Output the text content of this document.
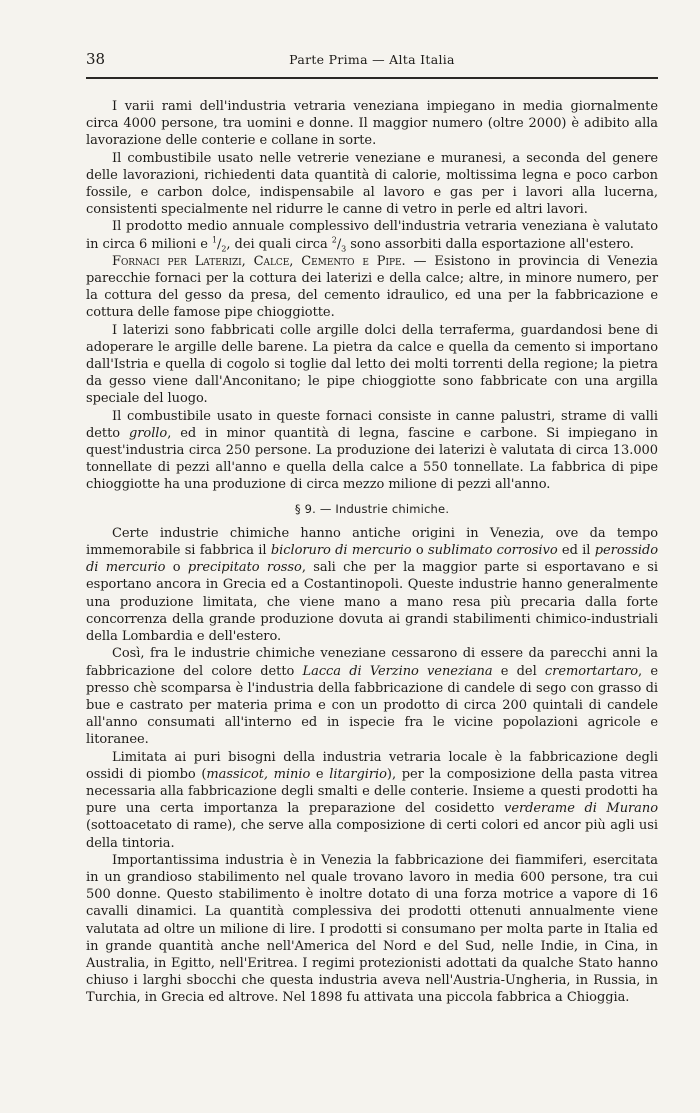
38	Parte Prima — Alta Italia

I varii rami dell'industria vetraria veneziana impiegano in media giornalmente circa 4000 persone, tra uomini e donne. Il maggior numero (oltre 2000) è adibito alla lavorazione delle conterie e collane in sorte.

Il combustibile usato nelle vetrerie veneziane e muranesi, a seconda del genere delle lavorazioni, richiedenti data quantità di calorie, moltissima legna e poco carbon fossile, e carbon dolce, indispensabile al lavoro e gas per i lavori alla lucerna, consistenti specialmente nel ridurre le canne di vetro in perle ed altri lavori.

Il prodotto medio annuale complessivo dell'industria vetraria veneziana è valutato in circa 6 milioni e $^1/_2$, dei quali circa $^2/_3$ sono assorbiti dalla esportazione all'estero.

Fornaci per Laterizi, Calce, Cemento e Pipe. — Esistono in provincia di Venezia parecchie fornaci per la cottura dei laterizi e della calce; altre, in minore numero, per la cottura del gesso da presa, del cemento idraulico, ed una per la fabbricazione e cottura delle famose pipe chioggiotte.

I laterizi sono fabbricati colle argille dolci della terraferma, guardandosi bene di adoperare le argille delle barene. La pietra da calce e quella da cemento si importano dall'Istria e quella di cogolo si toglie dal letto dei molti torrenti della regione; la pietra da gesso viene dall'Anconitano; le pipe chioggiotte sono fabbricate con una argilla speciale del luogo.

Il combustibile usato in queste fornaci consiste in canne palustri, strame di valli detto grollo, ed in minor quantità di legna, fascine e carbone. Si impiegano in quest'industria circa 250 persone. La produzione dei laterizi è valutata di circa 13.000 tonnellate di pezzi all'anno e quella della calce a 550 tonnellate. La fabbrica di pipe chioggiotte ha una produzione di circa mezzo milione di pezzi all'anno.

§ 9. — Industrie chimiche.

Certe industrie chimiche hanno antiche origini in Venezia, ove da tempo immemorabile si fabbrica il bicloruro di mercurio o sublimato corrosivo ed il perossido di mercurio o precipitato rosso, sali che per la maggior parte si esportavano e si esportano ancora in Grecia ed a Costantinopoli. Queste industrie hanno generalmente una produzione limitata, che viene mano a mano resa più precaria dalla forte concorrenza della grande produzione dovuta ai grandi stabilimenti chimico-industriali della Lombardia e dell'estero.

Così, fra le industrie chimiche veneziane cessarono di essere da parecchi anni la fabbricazione del colore detto Lacca di Verzino veneziana e del cremortartaro, e presso chè scomparsa è l'industria della fabbricazione di candele di sego con grasso di bue e castrato per materia prima e con un prodotto di circa 200 quintali di candele all'anno consumati all'interno ed in ispecie fra le vicine popolazioni agricole e litoranee.

Limitata ai puri bisogni della industria vetraria locale è la fabbricazione degli ossidi di piombo (massicot, minio e litargirio), per la composizione della pasta vitrea necessaria alla fabbricazione degli smalti e delle conterie. Insieme a questi prodotti ha pure una certa importanza la preparazione del cosidetto verderame di Murano (sottoacetato di rame), che serve alla composizione di certi colori ed ancor più agli usi della tintoria.

Importantissima industria è in Venezia la fabbricazione dei fiammiferi, esercitata in un grandioso stabilimento nel quale trovano lavoro in media 600 persone, tra cui 500 donne. Questo stabilimento è inoltre dotato di una forza motrice a vapore di 16 cavalli dinamici. La quantità complessiva dei prodotti ottenuti annualmente viene valutata ad oltre un milione di lire. I prodotti si consumano per molta parte in Italia ed in grande quantità anche nell'America del Nord e del Sud, nelle Indie, in Cina, in Australia, in Egitto, nell'Eritrea. I regimi protezionisti adottati da qualche Stato hanno chiuso i larghi sbocchi che questa industria aveva nell'Austria-Ungheria, in Russia, in Turchia, in Grecia ed altrove. Nel 1898 fu attivata una piccola fabbrica a Chioggia.
